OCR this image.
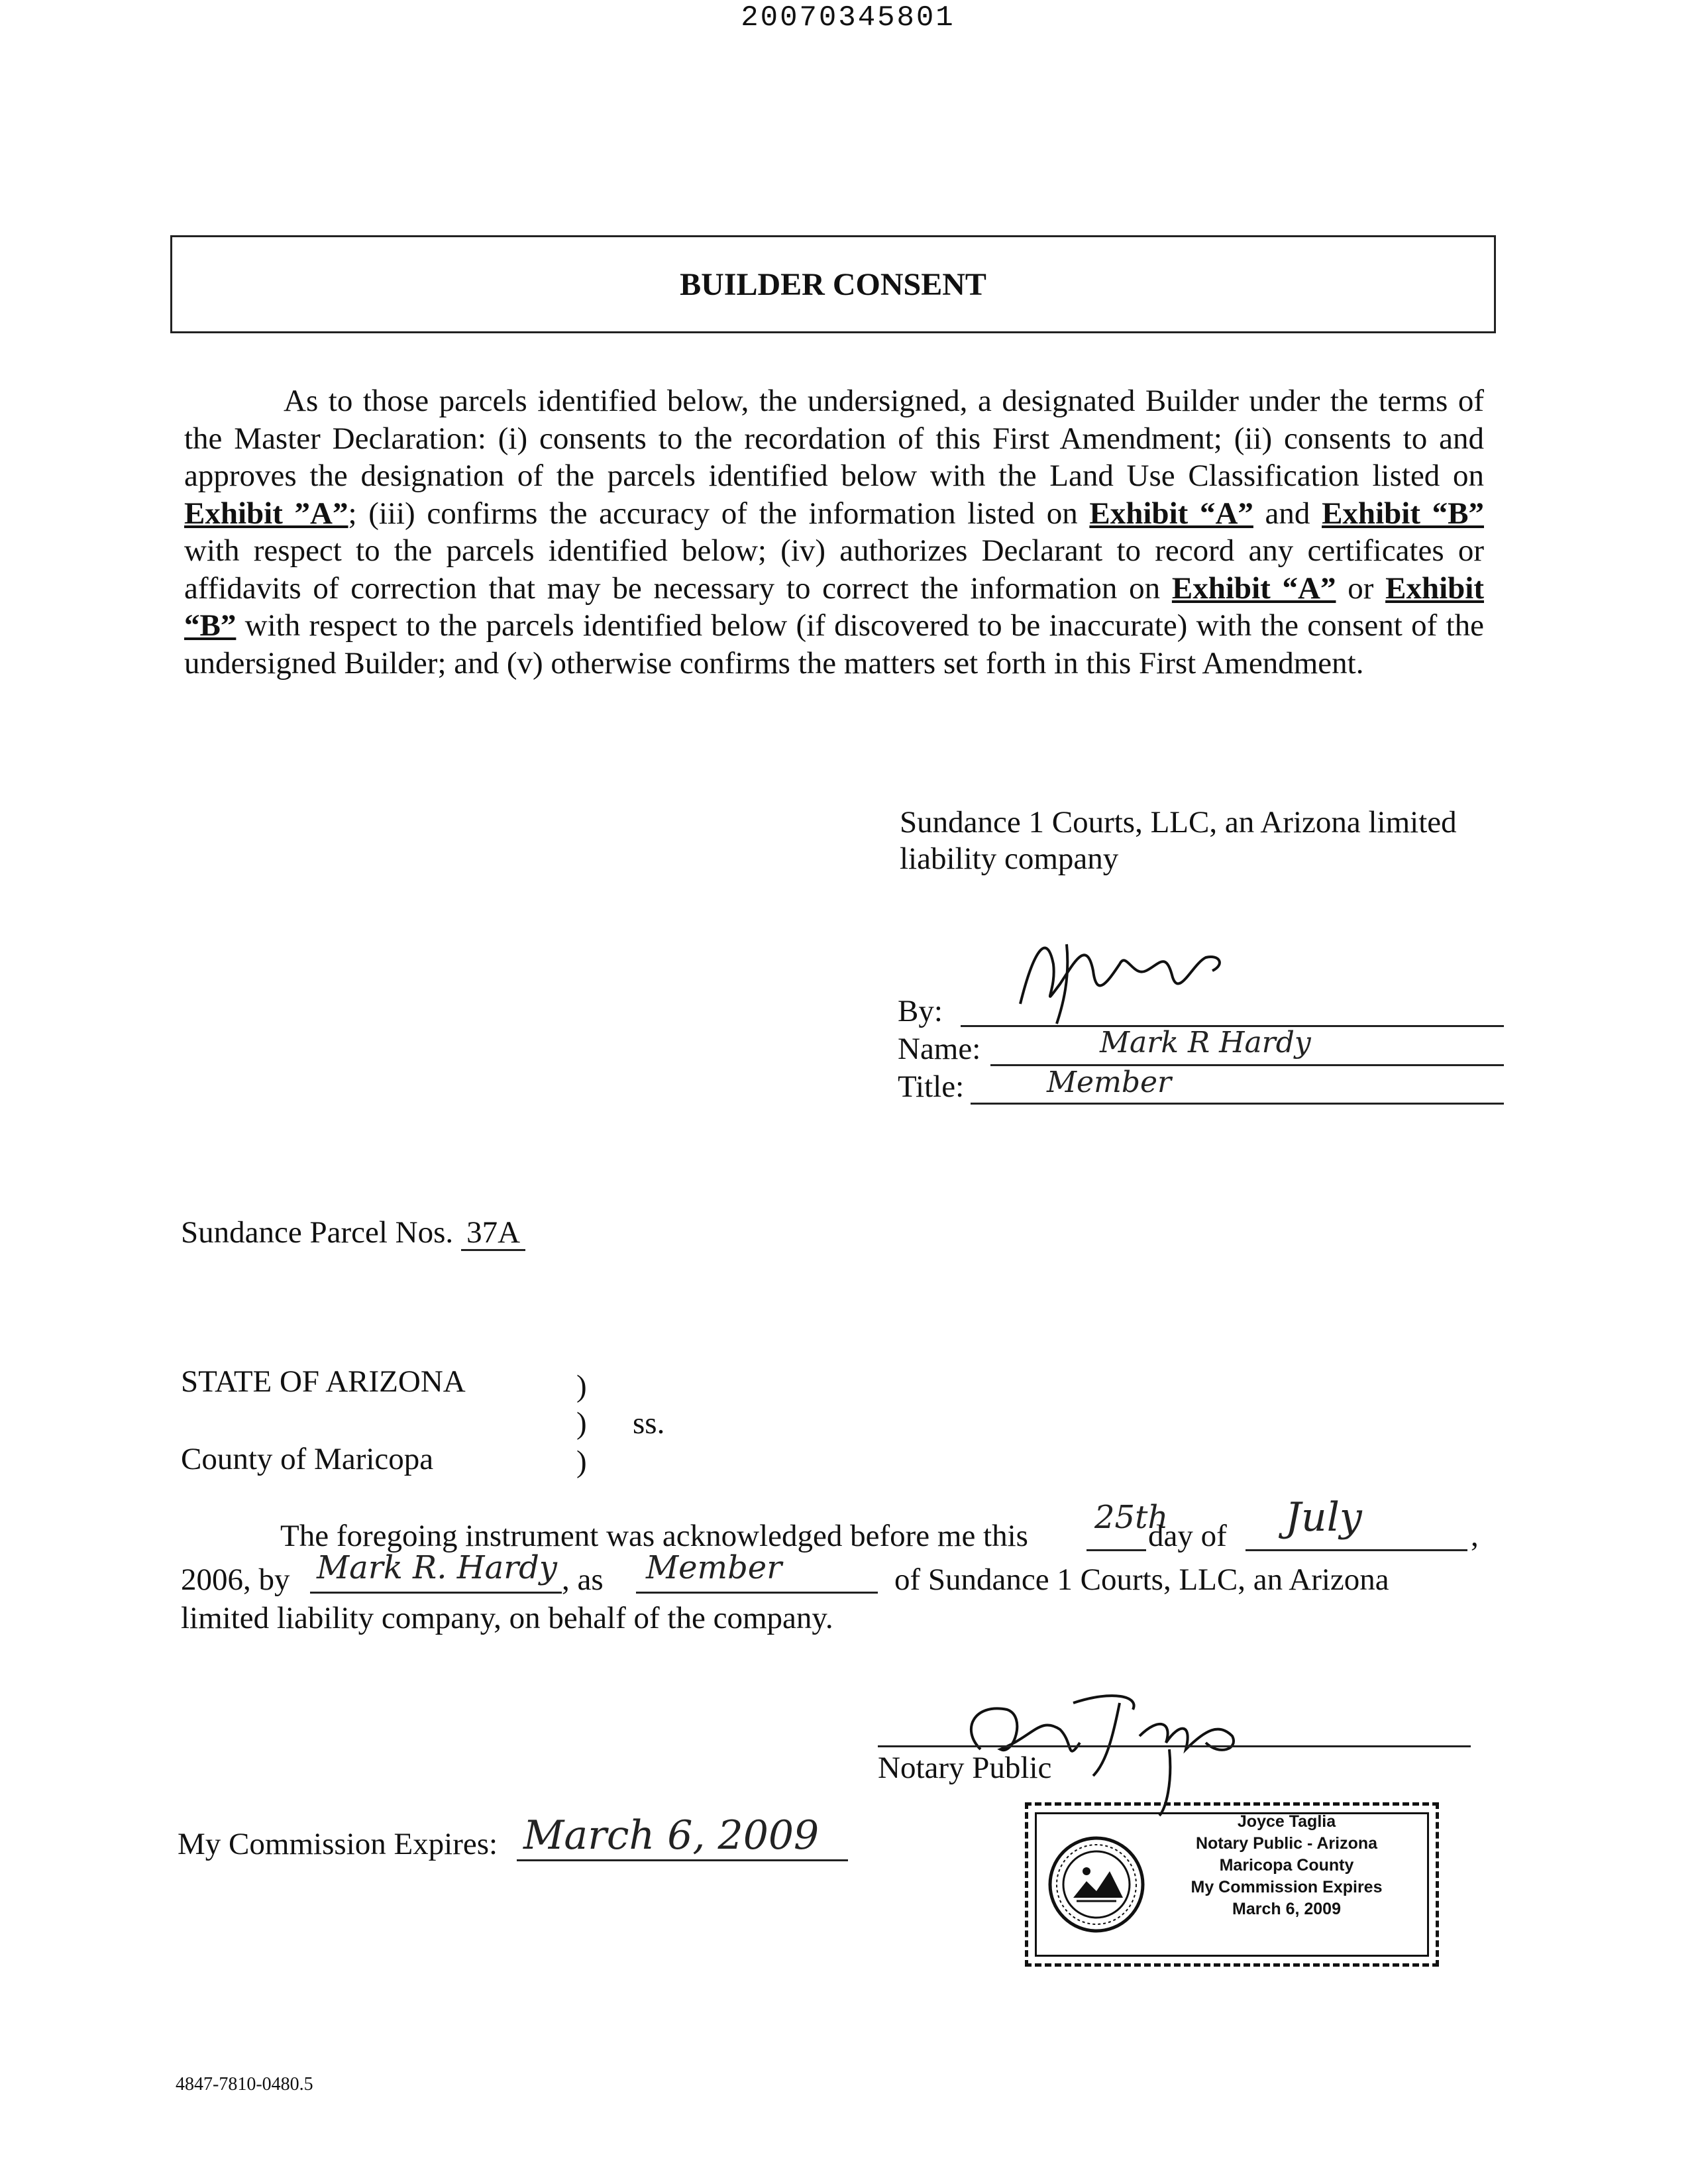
20070345801
BUILDER CONSENT

As to those parcels identified below, the undersigned, a designated Builder under the terms of the Master Declaration: (i) consents to the recordation of this First Amendment; (ii) consents to and approves the designation of the parcels identified below with the Land Use Classification listed on Exhibit ”A”; (iii) confirms the accuracy of the information listed on Exhibit “A” and Exhibit “B” with respect to the parcels identified below; (iv) authorizes Declarant to record any certificates or affidavits of correction that may be necessary to correct the information on Exhibit “A” or Exhibit “B” with respect to the parcels identified below (if discovered to be inaccurate) with the consent of the undersigned Builder; and (v) otherwise confirms the matters set forth in this First Amendment.

Sundance 1 Courts, LLC, an Arizona limited
liability company
By:
Name:	Mark R Hardy
Title:	Member
Sundance Parcel Nos. 37A
STATE OF ARIZONA	)
) ss.
County of Maricopa	)
The foregoing instrument was acknowledged before me this 25th
day of July	,
2006, by Mark R. Hardy , as Member	of Sundance 1 Courts, LLC, an Arizona
limited liability company, on behalf of the company.
Notary Public
My Commission Expires: March 6, 2009	Joyce Taglia
Notary Public - Arizona
Maricopa County
My Commission Expires
March 6, 2009
4847-7810-0480.5
